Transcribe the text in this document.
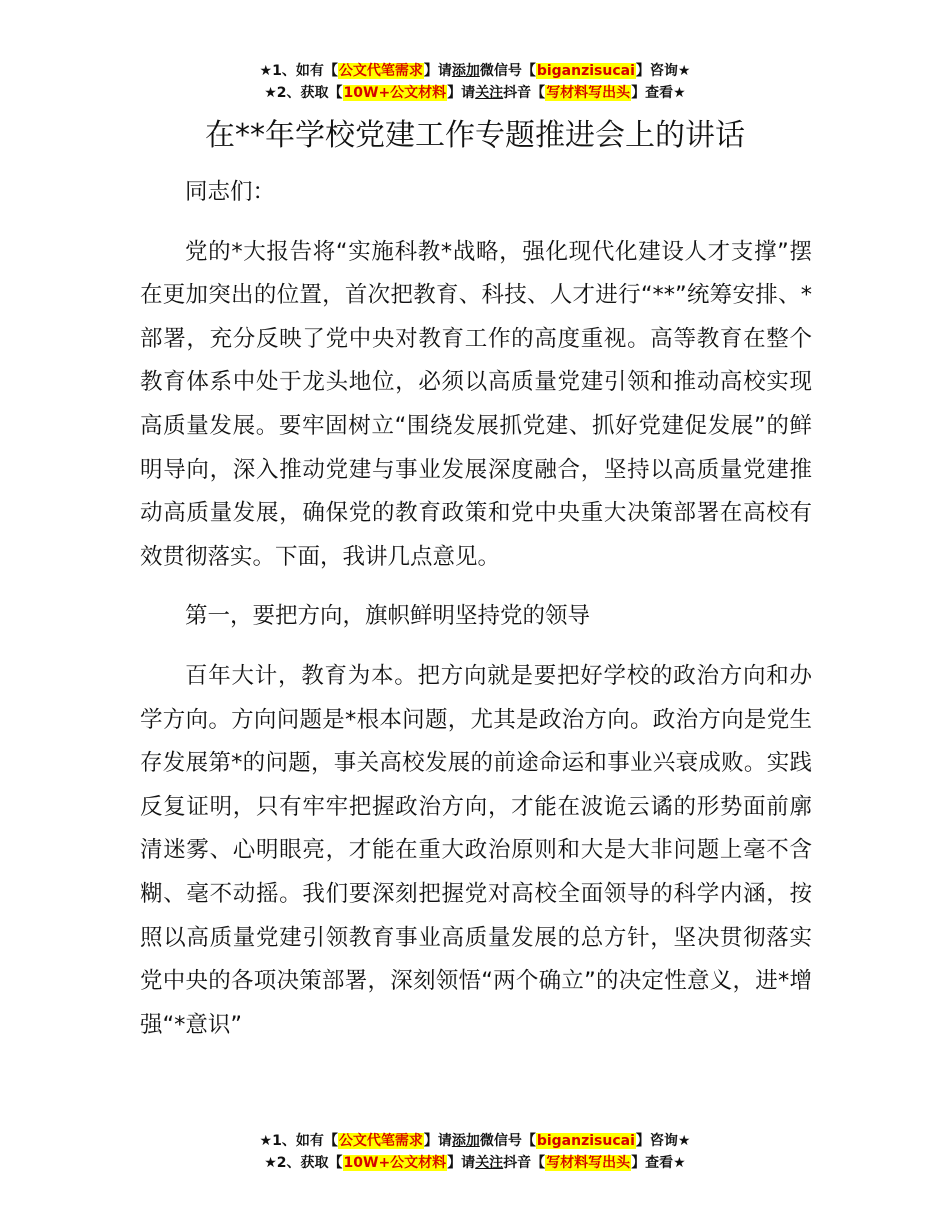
★1、如有【公文代笔需求】请添加微信号【biganzisucai】咨询★
★2、获取【10W+公文材料】请关注抖音【写材料写出头】查看★
在**年学校党建工作专题推进会上的讲话

同志们：

党的*大报告将“实施科教*战略，强化现代化建设人才支撑”摆在更加突出的位置，首次把教育、科技、人才进行“**”统筹安排、*部署，充分反映了党中央对教育工作的高度重视。高等教育在整个教育体系中处于龙头地位，必须以高质量党建引领和推动高校实现高质量发展。要牢固树立“围绕发展抓党建、抓好党建促发展”的鲜明导向，深入推动党建与事业发展深度融合，坚持以高质量党建推动高质量发展，确保党的教育政策和党中央重大决策部署在高校有效贯彻落实。下面，我讲几点意见。

第一，要把方向，旗帜鲜明坚持党的领导

百年大计，教育为本。把方向就是要把好学校的政治方向和办学方向。方向问题是*根本问题，尤其是政治方向。政治方向是党生存发展第*的问题，事关高校发展的前途命运和事业兴衰成败。实践反复证明，只有牢牢把握政治方向，才能在波诡云谲的形势面前廓清迷雾、心明眼亮，才能在重大政治原则和大是大非问题上毫不含糊、毫不动摇。我们要深刻把握党对高校全面领导的科学内涵，按照以高质量党建引领教育事业高质量发展的总方针，坚决贯彻落实党中央的各项决策部署，深刻领悟“两个确立”的决定性意义，进*增强“*意识”

★1、如有【公文代笔需求】请添加微信号【biganzisucai】咨询★
★2、获取【10W+公文材料】请关注抖音【写材料写出头】查看★
